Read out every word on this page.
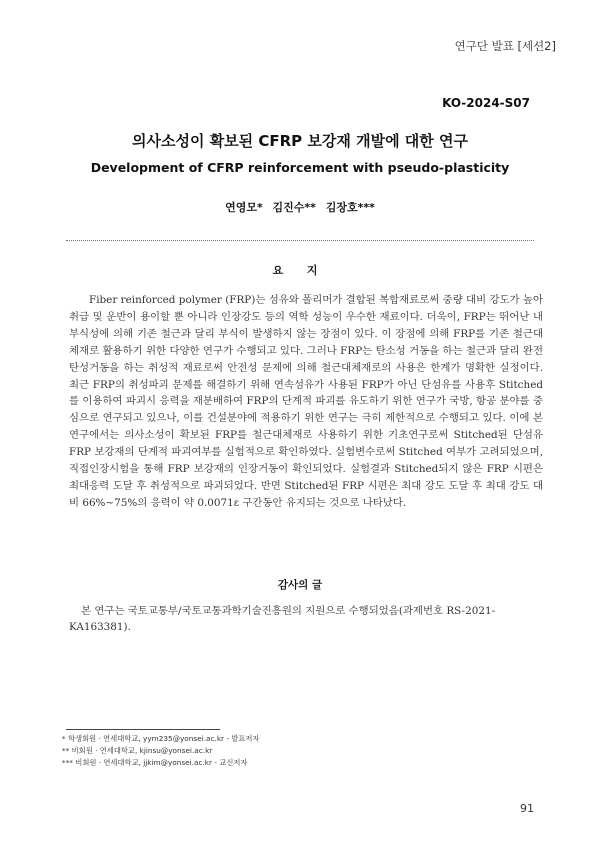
연구단 발표 [세션2]
KO-2024-S07
의사소성이 확보된 CFRP 보강재 개발에 대한 연구
Development of CFRP reinforcement with pseudo-plasticity
연영모* 김진수** 김장호***
요 지

Fiber reinforced polymer (FRP)는 섬유와 폴리머가 결합된 복합재료로써 중량 대비 강도가 높아 취급 및 운반이 용이할 뿐 아니라 인장강도 등의 역학 성능이 우수한 재료이다. 더욱이, FRP는 뛰어난 내부식성에 의해 기존 철근과 달리 부식이 발생하지 않는 장점이 있다. 이 장점에 의해 FRP를 기존 철근대체재로 활용하기 위한 다양한 연구가 수행되고 있다. 그러나 FRP는 탄소성 거동을 하는 철근과 달리 완전탄성거동을 하는 취성적 재료로써 안전성 문제에 의해 철근대체재로의 사용은 한계가 명확한 실정이다. 최근 FRP의 취성파괴 문제를 해결하기 위해 연속섬유가 사용된 FRP가 아닌 단섬유를 사용후 Stitched를 이용하여 파괴시 응력을 재분배하여 FRP의 단계적 파괴를 유도하기 위한 연구가 국방, 항공 분야를 중심으로 연구되고 있으나, 이를 건설분야에 적용하기 위한 연구는 극히 제한적으로 수행되고 있다. 이에 본 연구에서는 의사소성이 확보된 FRP를 철근대체재로 사용하기 위한 기초연구로써 Stitched된 단섬유 FRP 보강재의 단계적 파괴여부를 실험적으로 확인하였다. 실험변수로써 Stitched 여부가 고려되었으며, 직접인장시험을 통해 FRP 보강재의 인장거동이 확인되었다. 실험결과 Stitched되지 않은 FRP 시편은 최대응력 도달 후 취성적으로 파괴되었다. 반면 Stitched된 FRP 시편은 최대 강도 도달 후 최대 강도 대비 66%~75%의 응력이 약 0.0071ε 구간동안 유지되는 것으로 나타났다.

감사의 글

본 연구는 국토교통부/국토교통과학기술진흥원의 지원으로 수행되었음(과제번호 RS-2021-KA163381).

* 학생회원 · 연세대학교, yym235@yonsei.ac.kr - 발표저자
** 비회원 · 연세대학교, kjinsu@yonsei.ac.kr
*** 비회원 · 연세대학교, jjkim@yonsei.ac.kr - 교신저자
91
